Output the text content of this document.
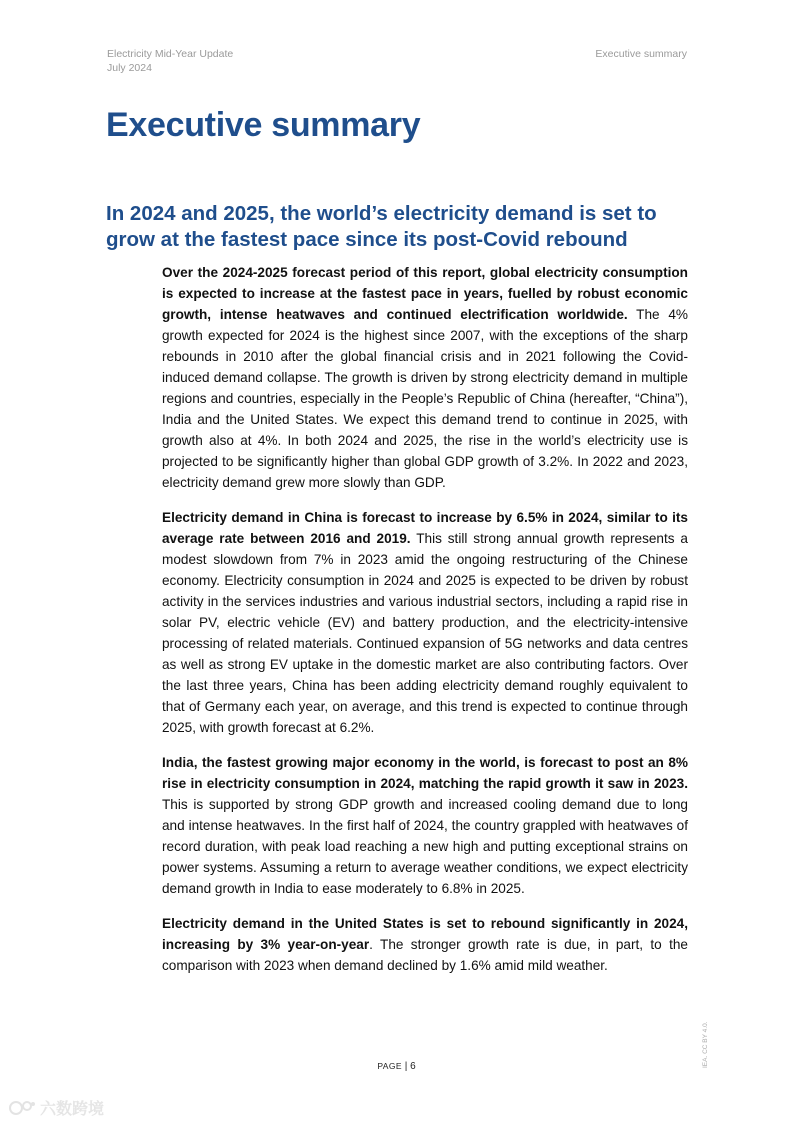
Electricity Mid-Year Update
July 2024
Executive summary
Executive summary
In 2024 and 2025, the world’s electricity demand is set to grow at the fastest pace since its post-Covid rebound

Over the 2024-2025 forecast period of this report, global electricity consumption is expected to increase at the fastest pace in years, fuelled by robust economic growth, intense heatwaves and continued electrification worldwide. The 4% growth expected for 2024 is the highest since 2007, with the exceptions of the sharp rebounds in 2010 after the global financial crisis and in 2021 following the Covid-induced demand collapse. The growth is driven by strong electricity demand in multiple regions and countries, especially in the People’s Republic of China (hereafter, “China”), India and the United States. We expect this demand trend to continue in 2025, with growth also at 4%. In both 2024 and 2025, the rise in the world’s electricity use is projected to be significantly higher than global GDP growth of 3.2%. In 2022 and 2023, electricity demand grew more slowly than GDP.

Electricity demand in China is forecast to increase by 6.5% in 2024, similar to its average rate between 2016 and 2019. This still strong annual growth represents a modest slowdown from 7% in 2023 amid the ongoing restructuring of the Chinese economy. Electricity consumption in 2024 and 2025 is expected to be driven by robust activity in the services industries and various industrial sectors, including a rapid rise in solar PV, electric vehicle (EV) and battery production, and the electricity-intensive processing of related materials. Continued expansion of 5G networks and data centres as well as strong EV uptake in the domestic market are also contributing factors. Over the last three years, China has been adding electricity demand roughly equivalent to that of Germany each year, on average, and this trend is expected to continue through 2025, with growth forecast at 6.2%.

India, the fastest growing major economy in the world, is forecast to post an 8% rise in electricity consumption in 2024, matching the rapid growth it saw in 2023. This is supported by strong GDP growth and increased cooling demand due to long and intense heatwaves. In the first half of 2024, the country grappled with heatwaves of record duration, with peak load reaching a new high and putting exceptional strains on power systems. Assuming a return to average weather conditions, we expect electricity demand growth in India to ease moderately to 6.8% in 2025.

Electricity demand in the United States is set to rebound significantly in 2024, increasing by 3% year-on-year. The stronger growth rate is due, in part, to the comparison with 2023 when demand declined by 1.6% amid mild weather.

PAGE | 6	IEA. CC BY 4.0.
六数跨境
